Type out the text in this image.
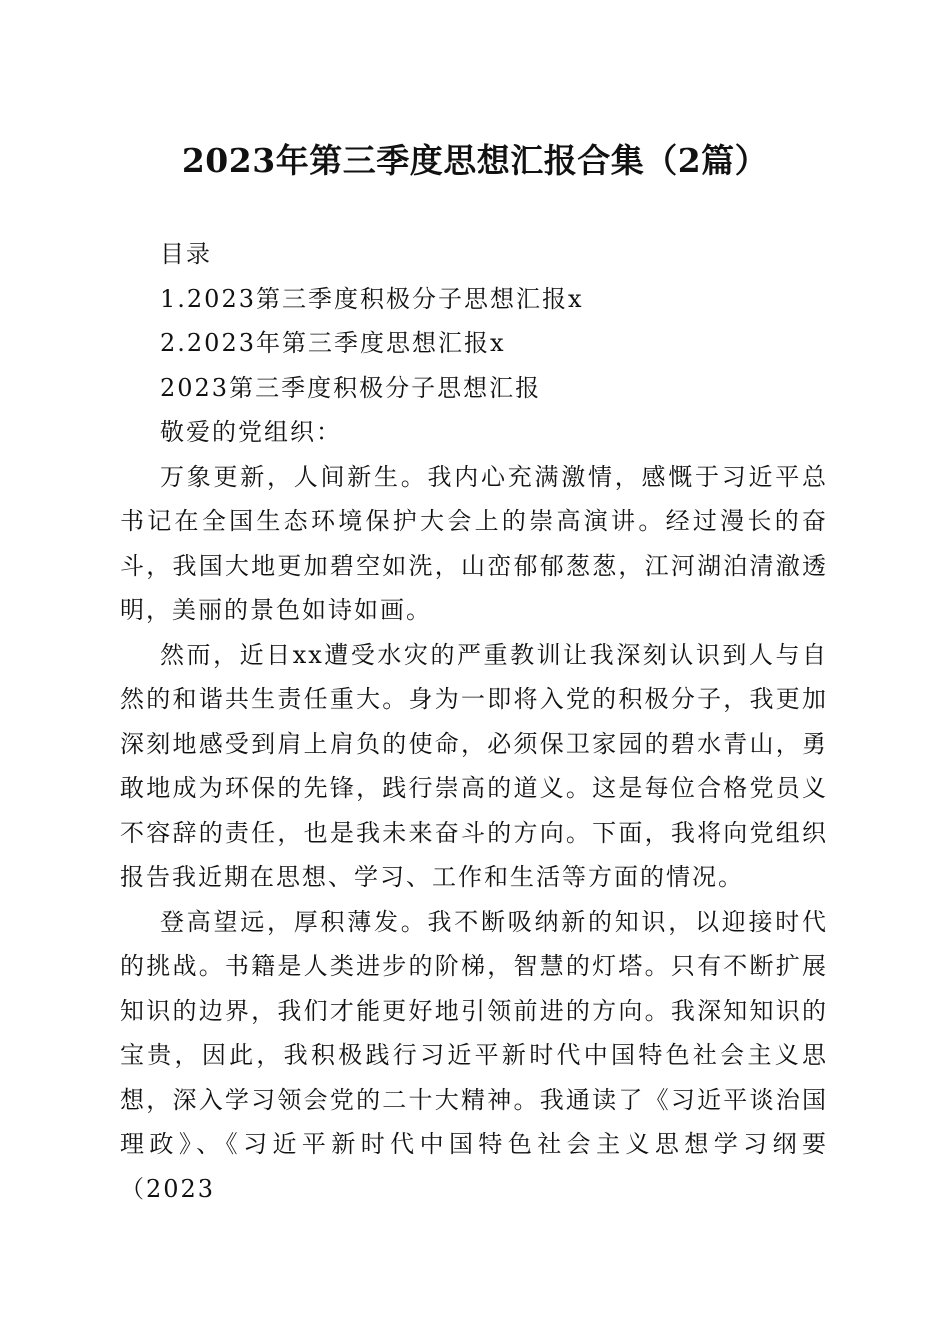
2023年第三季度思想汇报合集（2篇）

目录

1.2023第三季度积极分子思想汇报x

2.2023年第三季度思想汇报x

2023第三季度积极分子思想汇报

敬爱的党组织：

万象更新，人间新生。我内心充满激情，感慨于习近平总书记在全国生态环境保护大会上的崇高演讲。经过漫长的奋斗，我国大地更加碧空如洗，山峦郁郁葱葱，江河湖泊清澈透明，美丽的景色如诗如画。

然而，近日xx遭受水灾的严重教训让我深刻认识到人与自然的和谐共生责任重大。身为一即将入党的积极分子，我更加深刻地感受到肩上肩负的使命，必须保卫家园的碧水青山，勇敢地成为环保的先锋，践行崇高的道义。这是每位合格党员义不容辞的责任，也是我未来奋斗的方向。下面，我将向党组织报告我近期在思想、学习、工作和生活等方面的情况。

登高望远，厚积薄发。我不断吸纳新的知识，以迎接时代的挑战。书籍是人类进步的阶梯，智慧的灯塔。只有不断扩展知识的边界，我们才能更好地引领前进的方向。我深知知识的宝贵，因此，我积极践行习近平新时代中国特色社会主义思想，深入学习领会党的二十大精神。我通读了《习近平谈治国理政》、《习近平新时代中国特色社会主义思想学习纲要（2023
